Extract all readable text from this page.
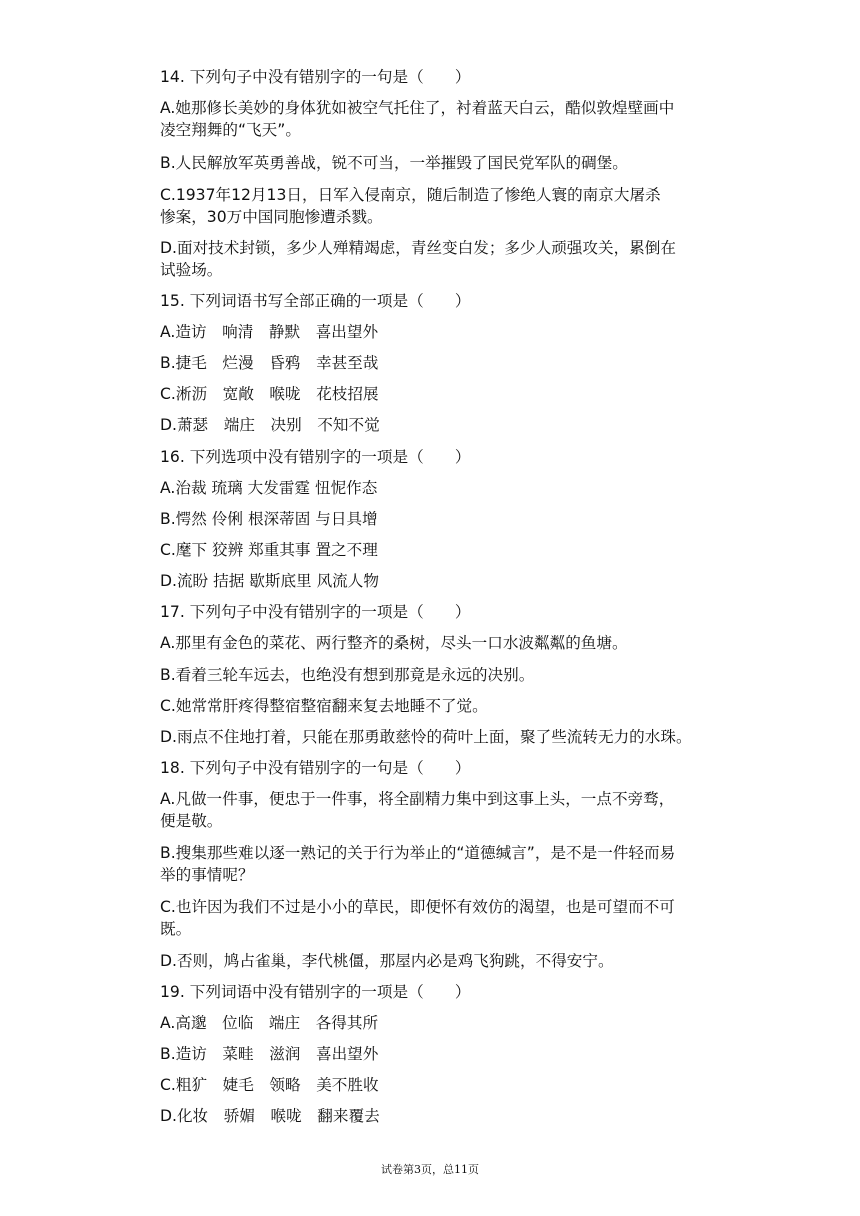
14. 下列句子中没有错别字的一句是（　　）
A.她那修长美妙的身体犹如被空气托住了，衬着蓝天白云，酷似敦煌壁画中
凌空翔舞的“飞天”。
B.人民解放军英勇善战，锐不可当，一举摧毁了国民党军队的碉堡。
C.1937年12月13日，日军入侵南京，随后制造了惨绝人寰的南京大屠杀
惨案，30万中国同胞惨遭杀戮。
D.面对技术封锁，多少人殚精竭虑，青丝变白发；多少人顽强攻关，累倒在
试验场。
15. 下列词语书写全部正确的一项是（　　）
A.造访　响清　静默　喜出望外
B.捷毛　烂漫　昏鸦　幸甚至哉
C.淅沥　宽敞　喉咙　花枝招展
D.萧瑟　端庄　决别　不知不觉
16. 下列选项中没有错别字的一项是（　　）
A.治裁 琉璃 大发雷霆 忸怩作态
B.愕然 伶俐 根深蒂固 与日具增
C.麾下 狡辨 郑重其事 置之不理
D.流盼 拮据 歇斯底里 风流人物
17. 下列句子中没有错别字的一项是（　　）
A.那里有金色的菜花、两行整齐的桑树，尽头一口水波粼粼的鱼塘。
B.看着三轮车远去，也绝没有想到那竟是永远的决别。
C.她常常肝疼得整宿整宿翻来复去地睡不了觉。
D.雨点不住地打着，只能在那勇敢慈怜的荷叶上面，聚了些流转无力的水珠。
18. 下列句子中没有错别字的一句是（　　）
A.凡做一件事，便忠于一件事，将全副精力集中到这事上头，一点不旁骛，
便是敬。
B.搜集那些难以逐一熟记的关于行为举止的“道德缄言”，是不是一件轻而易
举的事情呢？
C.也许因为我们不过是小小的草民，即便怀有效仿的渴望，也是可望而不可
既。
D.否则，鸠占雀巢，李代桃僵，那屋内必是鸡飞狗跳，不得安宁。
19. 下列词语中没有错别字的一项是（　　）
A.高邈　位临　端庄　各得其所
B.造访　菜畦　滋润　喜出望外
C.粗犷　婕毛　领略　美不胜收
D.化妆　骄媚　喉咙　翻来覆去
试卷第3页，总11页
